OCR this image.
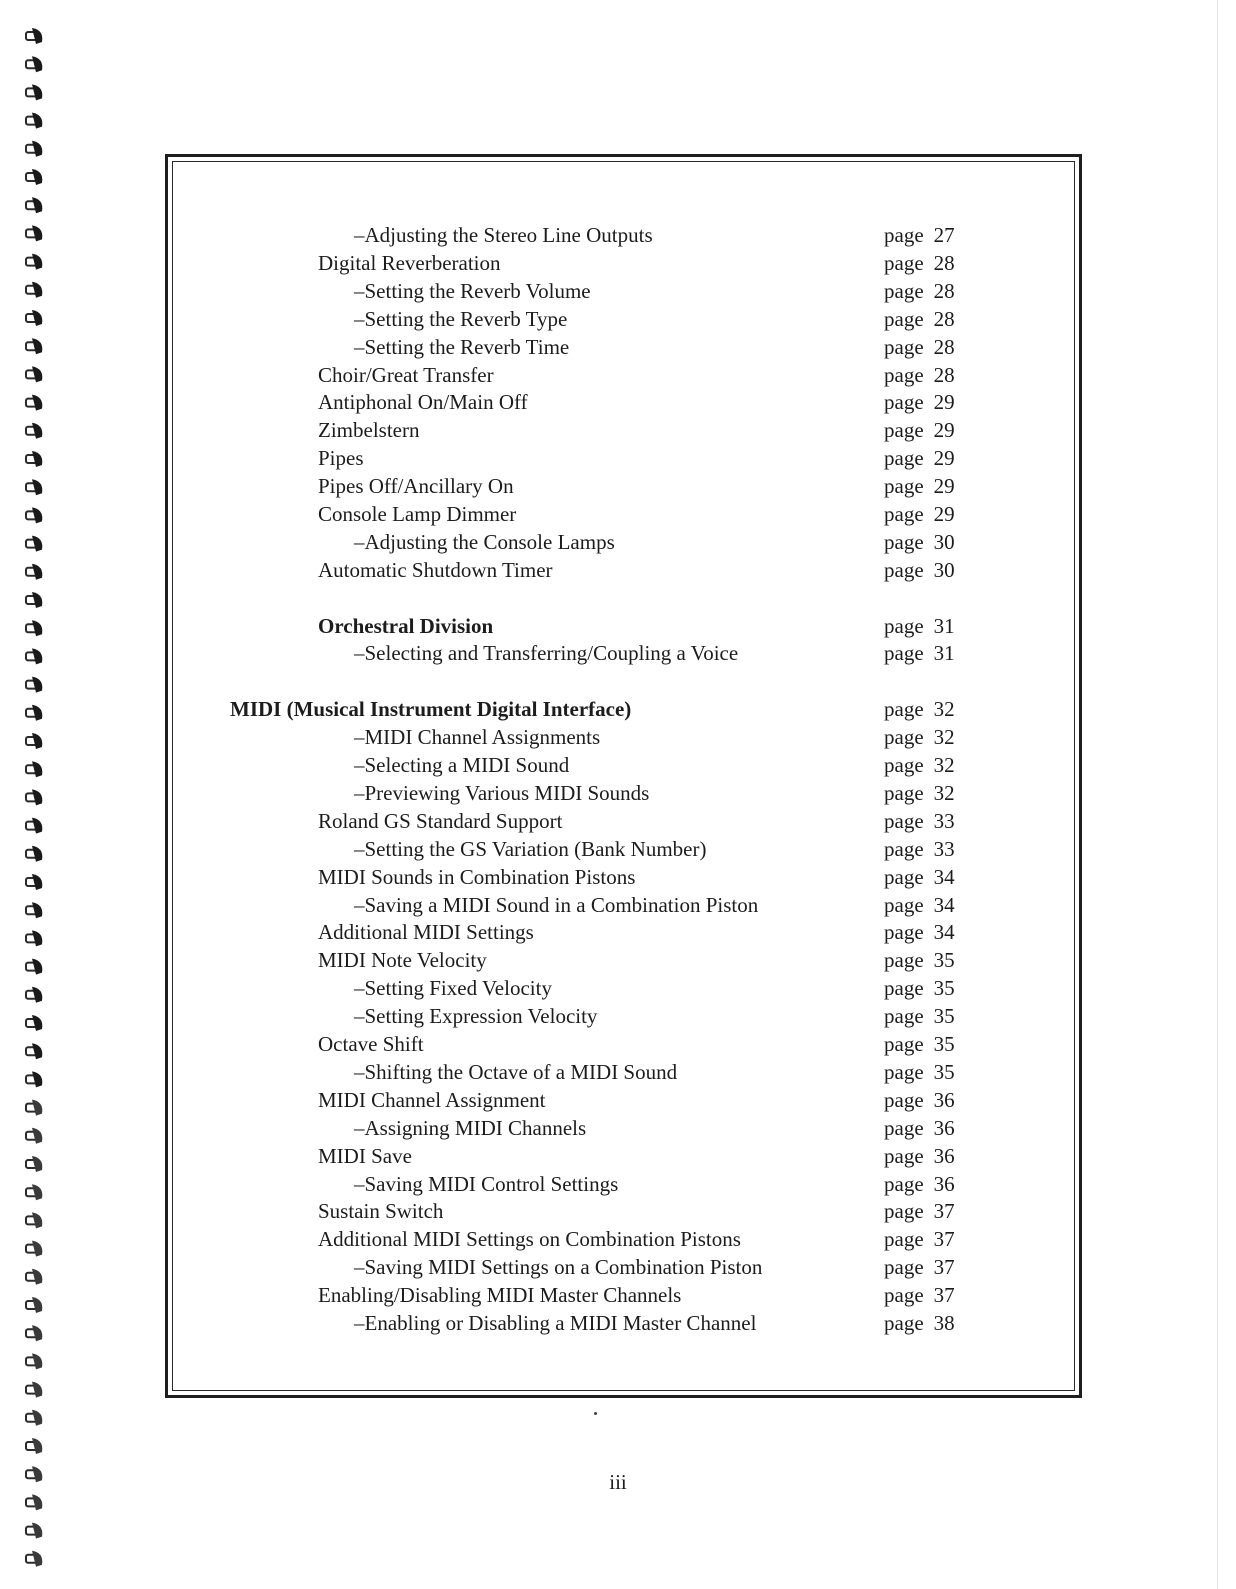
–Adjusting the Stereo Line Outputs	page 27
Digital Reverberation	page 28
–Setting the Reverb Volume	page 28
–Setting the Reverb Type	page 28
–Setting the Reverb Time	page 28
Choir/Great Transfer	page 28
Antiphonal On/Main Off	page 29
Zimbelstern	page 29
Pipes	page 29
Pipes Off/Ancillary On	page 29
Console Lamp Dimmer	page 29
–Adjusting the Console Lamps	page 30
Automatic Shutdown Timer	page 30
Orchestral Division	page 31
–Selecting and Transferring/Coupling a Voice	page 31
MIDI (Musical Instrument Digital Interface)	page 32
–MIDI Channel Assignments	page 32
–Selecting a MIDI Sound	page 32
–Previewing Various MIDI Sounds	page 32
Roland GS Standard Support	page 33
–Setting the GS Variation (Bank Number)	page 33
MIDI Sounds in Combination Pistons	page 34
–Saving a MIDI Sound in a Combination Piston	page 34
Additional MIDI Settings	page 34
MIDI Note Velocity	page 35
–Setting Fixed Velocity	page 35
–Setting Expression Velocity	page 35
Octave Shift	page 35
–Shifting the Octave of a MIDI Sound	page 35
MIDI Channel Assignment	page 36
–Assigning MIDI Channels	page 36
MIDI Save	page 36
–Saving MIDI Control Settings	page 36
Sustain Switch	page 37
Additional MIDI Settings on Combination Pistons	page 37
–Saving MIDI Settings on a Combination Piston	page 37
Enabling/Disabling MIDI Master Channels	page 37
–Enabling or Disabling a MIDI Master Channel	page 38
iii
